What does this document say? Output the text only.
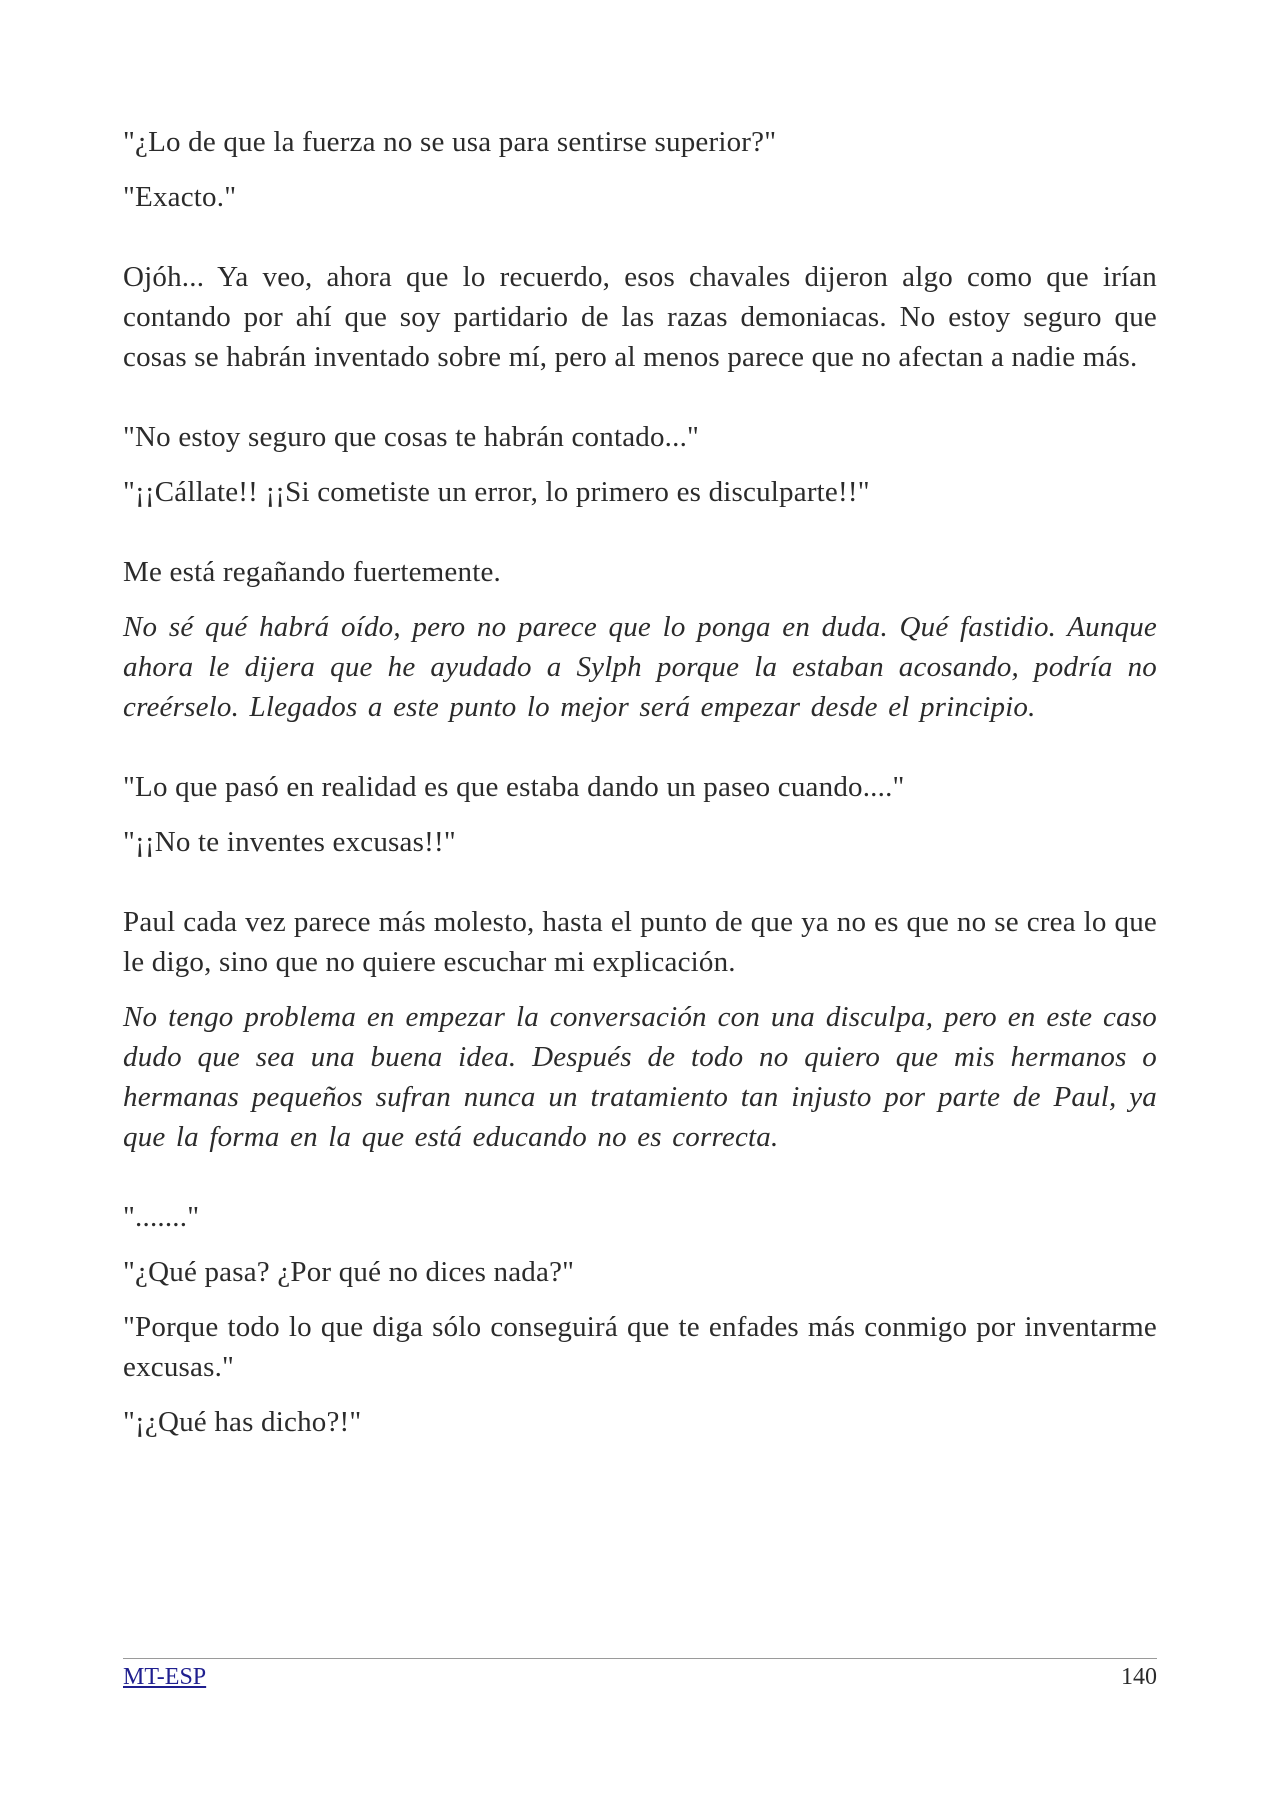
"¿Lo de que la fuerza no se usa para sentirse superior?"

"Exacto."

Ojóh... Ya veo, ahora que lo recuerdo, esos chavales dijeron algo como que irían contando por ahí que soy partidario de las razas demoniacas. No estoy seguro que cosas se habrán inventado sobre mí, pero al menos parece que no afectan a nadie más.

"No estoy seguro que cosas te habrán contado..."

"¡¡Cállate!! ¡¡Si cometiste un error, lo primero es disculparte!!"

Me está regañando fuertemente.

No sé qué habrá oído, pero no parece que lo ponga en duda. Qué fastidio. Aunque ahora le dijera que he ayudado a Sylph porque la estaban acosando, podría no creérselo. Llegados a este punto lo mejor será empezar desde el principio.

"Lo que pasó en realidad es que estaba dando un paseo cuando...."

"¡¡No te inventes excusas!!"

Paul cada vez parece más molesto, hasta el punto de que ya no es que no se crea lo que le digo, sino que no quiere escuchar mi explicación.

No tengo problema en empezar la conversación con una disculpa, pero en este caso dudo que sea una buena idea. Después de todo no quiero que mis hermanos o hermanas pequeños sufran nunca un tratamiento tan injusto por parte de Paul, ya que la forma en la que está educando no es correcta.

"......."

"¿Qué pasa? ¿Por qué no dices nada?"

"Porque todo lo que diga sólo conseguirá que te enfades más conmigo por inventarme excusas."

"¡¿Qué has dicho?!"

MT-ESP	140
